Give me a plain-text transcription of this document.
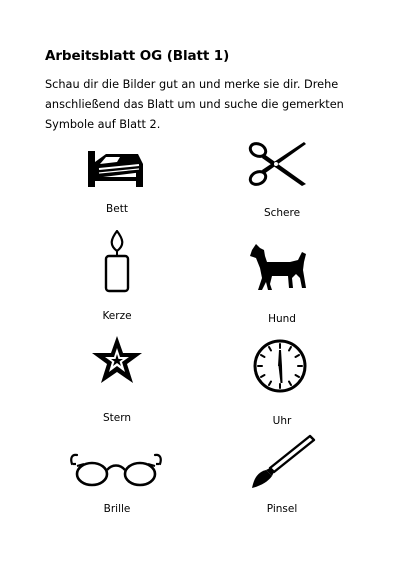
Arbeitsblatt OG (Blatt 1)
Schau dir die Bilder gut an und merke sie dir. Drehe anschließend das Blatt um und suche die gemerkten Symbole auf Blatt 2.
Bett	Schere
Kerze	Hund
Stern	Uhr
Brille	Pinsel
